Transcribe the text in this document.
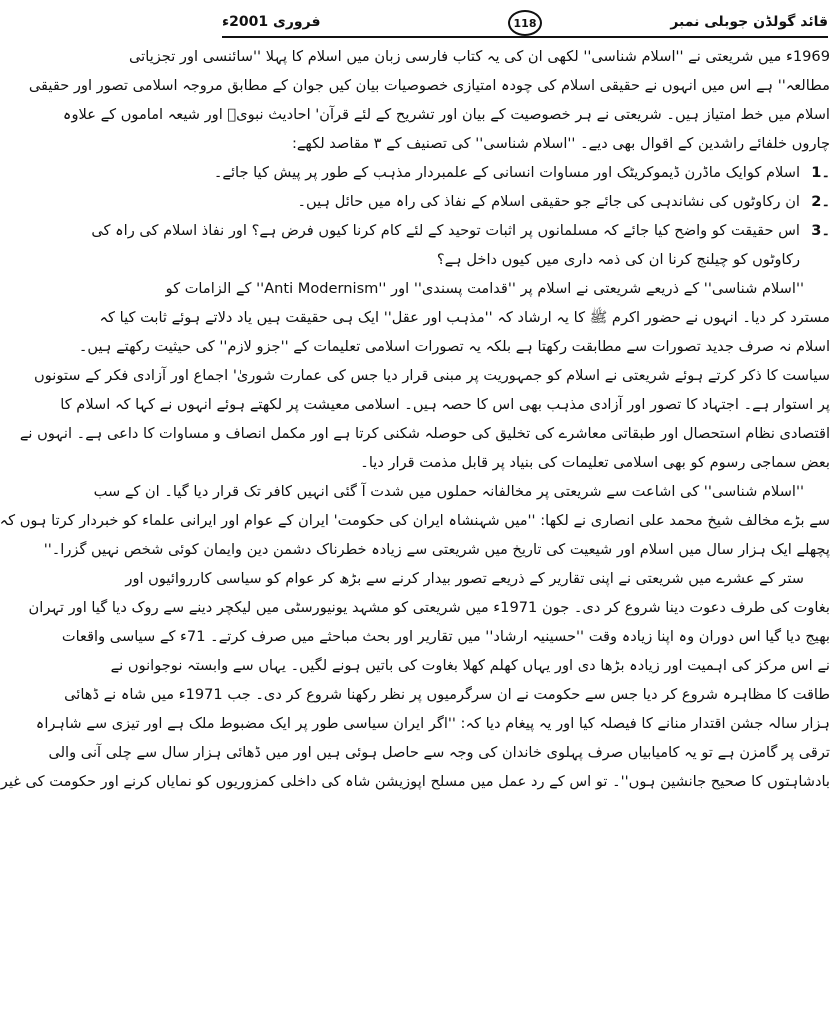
قائد گولڈن جوبلی نمبر
118
فروری 2001ء
1969ء میں شریعتی نے ''اسلام شناسی'' لکھی ان کی یہ کتاب فارسی زبان میں اسلام کا پہلا ''سائنسی اور تجزیاتی
مطالعہ'' ہے اس میں انہوں نے حقیقی اسلام کی چودہ امتیازی خصوصیات بیان کیں جوان کے مطابق مروجہ اسلامی تصور اور حقیقی
اسلام میں خط امتیاز ہیں۔ شریعتی نے ہر خصوصیت کے بیان اور تشریح کے لئے قرآن' احادیث نبویؐ اور شیعہ اماموں کے علاوہ
چاروں خلفائے راشدین کے اقوال بھی دیے۔ ''اسلام شناسی'' کی تصنیف کے ۳ مقاصد لکھے:
1۔
اسلام کوایک ماڈرن ڈیموکریٹک اور مساوات انسانی کے علمبردار مذہب کے طور پر پیش کیا جائے۔
2۔
ان رکاوٹوں کی نشاندہی کی جائے جو حقیقی اسلام کے نفاذ کی راہ میں حائل ہیں۔
3۔
اس حقیقت کو واضح کیا جائے کہ مسلمانوں پر اثبات توحید کے لئے کام کرنا کیوں فرض ہے؟ اور نفاذ اسلام کی راہ کی
رکاوٹوں کو چیلنج کرنا ان کی ذمہ داری میں کیوں داخل ہے؟
''اسلام شناسی'' کے ذریعے شریعتی نے اسلام پر ''قدامت پسندی'' اور ''Anti Modernism'' کے الزامات کو
مسترد کر دیا۔ انہوں نے حضور اکرم ﷺ کا یہ ارشاد کہ ''مذہب اور عقل'' ایک ہی حقیقت ہیں یاد دلاتے ہوئے ثابت کیا کہ
اسلام نہ صرف جدید تصورات سے مطابقت رکھتا ہے بلکہ یہ تصورات اسلامی تعلیمات کے ''جزو لازم'' کی حیثیت رکھتے ہیں۔
سیاست کا ذکر کرتے ہوئے شریعتی نے اسلام کو جمہوریت پر مبنی قرار دیا جس کی عمارت شوریٰ' اجماع اور آزادی فکر کے ستونوں
پر استوار ہے۔ اجتہاد کا تصور اور آزادی مذہب بھی اس کا حصہ ہیں۔ اسلامی معیشت پر لکھتے ہوئے انہوں نے کہا کہ اسلام کا
اقتصادی نظام استحصال اور طبقاتی معاشرے کی تخلیق کی حوصلہ شکنی کرتا ہے اور مکمل انصاف و مساوات کا داعی ہے۔ انہوں نے
بعض سماجی رسوم کو بھی اسلامی تعلیمات کی بنیاد پر قابل مذمت قرار دیا۔
''اسلام شناسی'' کی اشاعت سے شریعتی پر مخالفانہ حملوں میں شدت آ گئی انہیں کافر تک قرار دیا گیا۔ ان کے سب
سے بڑے مخالف شیخ محمد علی انصاری نے لکھا: ''میں شہنشاہ ایران کی حکومت' ایران کے عوام اور ایرانی علماء کو خبردار کرتا ہوں کہ
پچھلے ایک ہزار سال میں اسلام اور شیعیت کی تاریخ میں شریعتی سے زیادہ خطرناک دشمن دین وایمان کوئی شخص نہیں گزرا۔''
ستر کے عشرے میں شریعتی نے اپنی تقاریر کے ذریعے تصور بیدار کرنے سے بڑھ کر عوام کو سیاسی کارروائیوں اور
بغاوت کی طرف دعوت دینا شروع کر دی۔ جون 1971ء میں شریعتی کو مشہد یونیورسٹی میں لیکچر دینے سے روک دیا گیا اور تہران
بھیج دیا گیا اس دوران وہ اپنا زیادہ وقت ''حسینیہ ارشاد'' میں تقاریر اور بحث مباحثے میں صرف کرتے۔ 71ء کے سیاسی واقعات
نے اس مرکز کی اہمیت اور زیادہ بڑھا دی اور یہاں کھلم کھلا بغاوت کی باتیں ہونے لگیں۔ یہاں سے وابستہ نوجوانوں نے
طاقت کا مظاہرہ شروع کر دیا جس سے حکومت نے ان سرگرمیوں پر نظر رکھنا شروع کر دی۔ جب 1971ء میں شاہ نے ڈھائی
ہزار سالہ جشن اقتدار منانے کا فیصلہ کیا اور یہ پیغام دیا کہ: ''اگر ایران سیاسی طور پر ایک مضبوط ملک ہے اور تیزی سے شاہراہ
ترقی پر گامزن ہے تو یہ کامیابیاں صرف پہلوی خاندان کی وجہ سے حاصل ہوئی ہیں اور میں ڈھائی ہزار سال سے چلی آنی والی
بادشاہتوں کا صحیح جانشین ہوں''۔ تو اس کے رد عمل میں مسلح اپوزیشن شاہ کی داخلی کمزوریوں کو نمایاں کرنے اور حکومت کی غیر
